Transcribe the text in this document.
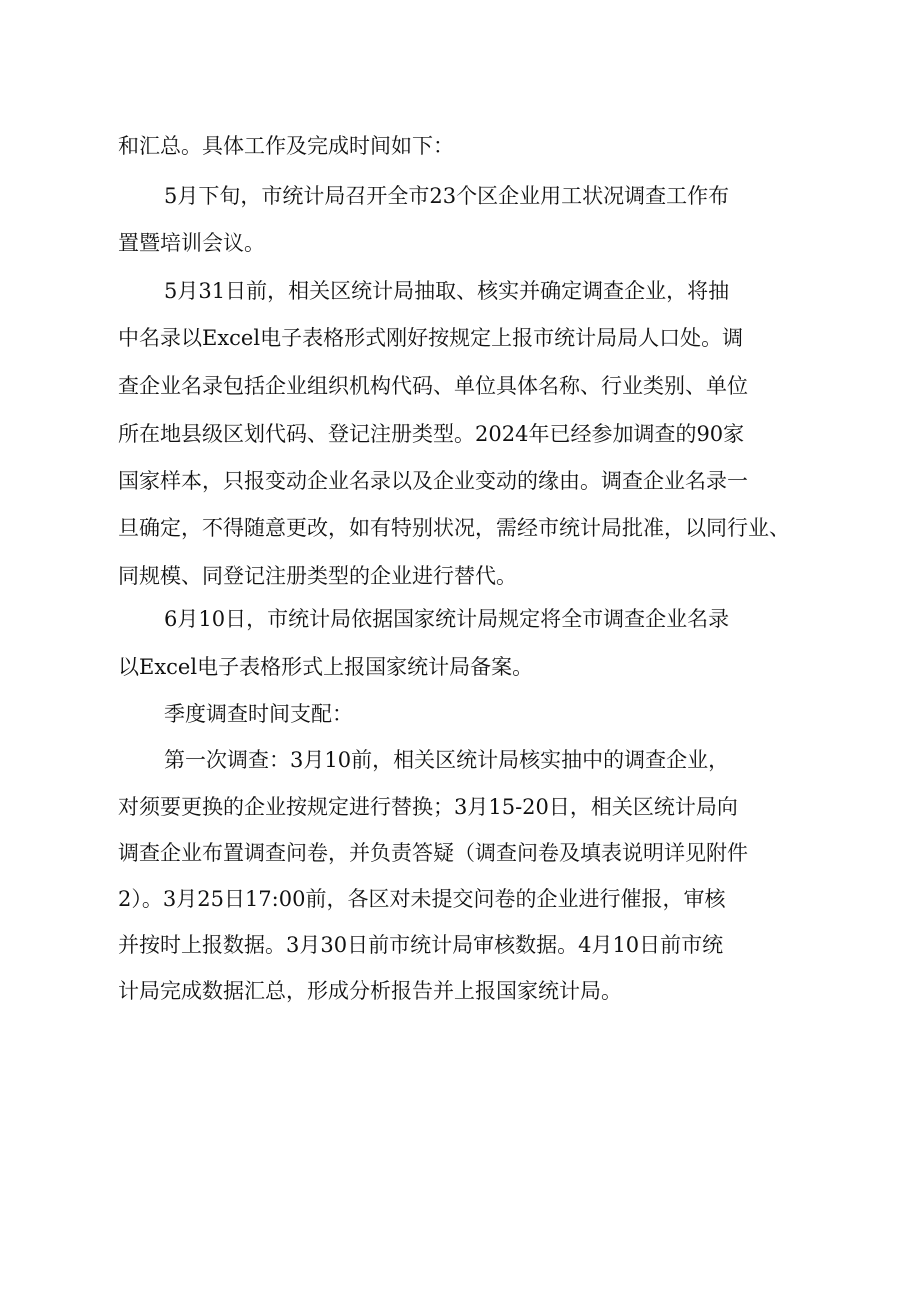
和汇总。具体工作及完成时间如下：

5月下旬，市统计局召开全市23个区企业用工状况调查工作布

置暨培训会议。

5月31日前，相关区统计局抽取、核实并确定调查企业，将抽

中名录以Excel电子表格形式刚好按规定上报市统计局局人口处。调

查企业名录包括企业组织机构代码、单位具体名称、行业类别、单位

所在地县级区划代码、登记注册类型。2024年已经参加调查的90家

国家样本，只报变动企业名录以及企业变动的缘由。调查企业名录一

旦确定，不得随意更改，如有特别状况，需经市统计局批准，以同行业、

同规模、同登记注册类型的企业进行替代。

6月10日，市统计局依据国家统计局规定将全市调查企业名录

以Excel电子表格形式上报国家统计局备案。

季度调查时间支配：

第一次调查：3月10前，相关区统计局核实抽中的调查企业，

对须要更换的企业按规定进行替换；3月15-20日，相关区统计局向

调查企业布置调查问卷，并负责答疑（调查问卷及填表说明详见附件

2）。3月25日17:00前，各区对未提交问卷的企业进行催报，审核

并按时上报数据。3月30日前市统计局审核数据。4月10日前市统

计局完成数据汇总，形成分析报告并上报国家统计局。
